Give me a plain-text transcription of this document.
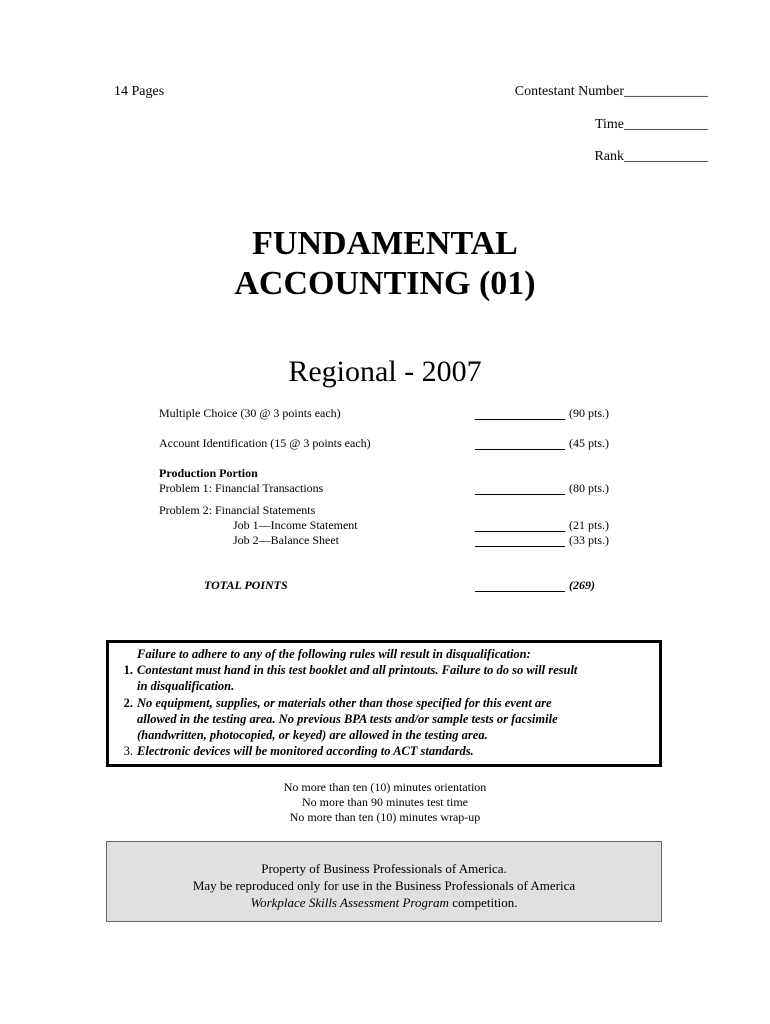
14 Pages	Contestant Number____________
Time____________
Rank____________
FUNDAMENTAL
ACCOUNTING (01)
Regional - 2007
Multiple Choice (30 @ 3 points each)	(90 pts.)
Account Identification (15 @ 3 points each)	(45 pts.)
Production Portion
Problem 1: Financial Transactions	(80 pts.)
Problem 2: Financial Statements
Job 1—Income Statement	(21 pts.)
Job 2—Balance Sheet	(33 pts.)
TOTAL POINTS	(269)
Failure to adhere to any of the following rules will result in disqualification:
1. Contestant must hand in this test booklet and all printouts. Failure to do so will result
in disqualification.
2. No equipment, supplies, or materials other than those specified for this event are
allowed in the testing area. No previous BPA tests and/or sample tests or facsimile
(handwritten, photocopied, or keyed) are allowed in the testing area.
3. Electronic devices will be monitored according to ACT standards.
No more than ten (10) minutes orientation
No more than 90 minutes test time
No more than ten (10) minutes wrap-up
Property of Business Professionals of America.
May be reproduced only for use in the Business Professionals of America
Workplace Skills Assessment Program competition.
